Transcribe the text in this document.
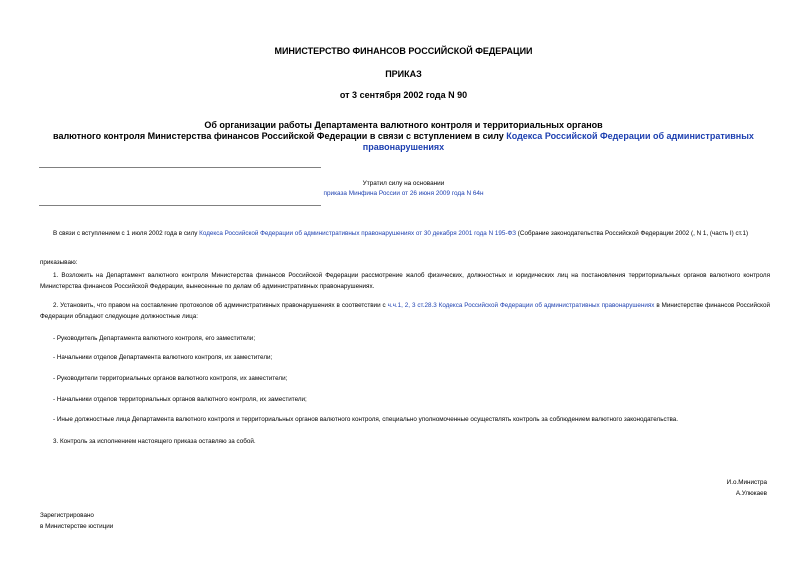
МИНИСТЕРСТВО ФИНАНСОВ РОССИЙСКОЙ ФЕДЕРАЦИИ
ПРИКАЗ
от 3 сентября 2002 года N 90
Об организации работы Департамента валютного контроля и территориальных органов
валютного контроля Министерства финансов Российской Федерации в связи с вступлением в силу Кодекса Российской Федерации об административных правонарушениях
Утратил силу на основании
приказа Минфина России от 26 июня 2009 года N 64н
В связи с вступлением с 1 июля 2002 года в силу Кодекса Российской Федерации об административных правонарушениях от 30 декабря 2001 года N 195-ФЗ (Собрание законодательства Российской Федерации 2002 (, N 1, (часть I) ст.1)
приказываю:
1. Возложить на Департамент валютного контроля Министерства финансов Российской Федерации рассмотрение жалоб физических, должностных и юридических лиц на постановления территориальных органов валютного контроля Министерства финансов Российской Федерации, вынесенные по делам об административных правонарушениях.
2. Установить, что правом на составление протоколов об административных правонарушениях в соответствии с ч.ч.1, 2, 3 ст.28.3 Кодекса Российской Федерации об административных правонарушениях в Министерстве финансов Российской Федерации обладают следующие должностные лица:
- Руководитель Департамента валютного контроля, его заместители;
- Начальники отделов Департамента валютного контроля, их заместители;
- Руководители территориальных органов валютного контроля, их заместители;
- Начальники отделов территориальных органов валютного контроля, их заместители;
- Иные должностные лица Департамента валютного контроля и территориальных органов валютного контроля, специально уполномоченные осуществлять контроль за соблюдением валютного законодательства.
3. Контроль за исполнением настоящего приказа оставляю за собой.
И.о.Министра
А.Улюкаев
Зарегистрировано
в Министерстве юстиции
